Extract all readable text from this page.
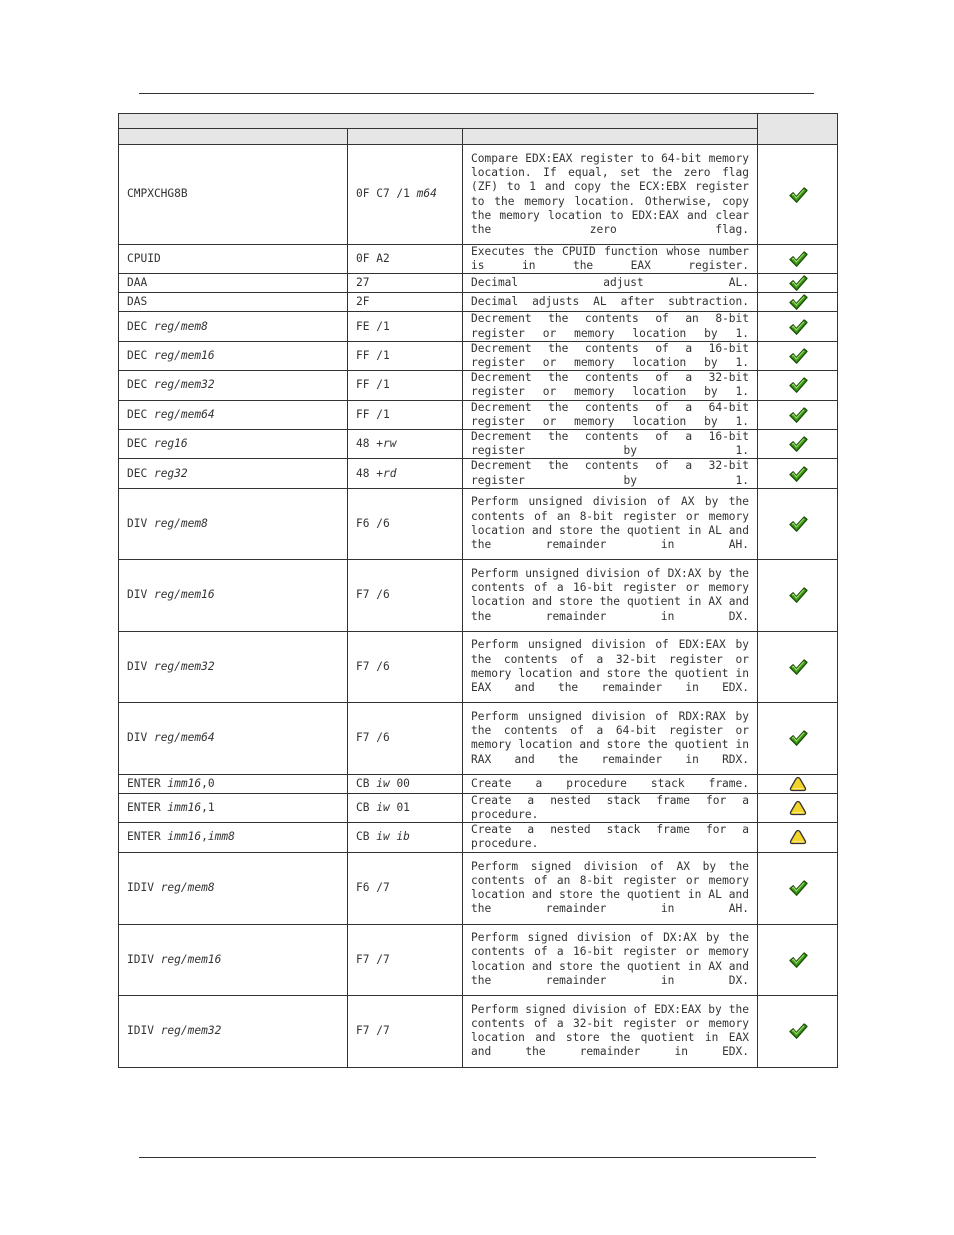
CMPXCHG8B	0F C7 /1 m64	Compare EDX:EAX register to 64-bit memory location. If equal, set the zero flag (ZF) to 1 and copy the ECX:EBX register to the memory location. Otherwise, copy the memory location to EDX:EAX and clear the zero flag.	
CPUID	0F A2	Executes the CPUID function whose number is in the EAX register.	
DAA	27	Decimal adjust AL.	
DAS	2F	Decimal adjusts AL after subtraction.	
DEC reg/mem8	FE /1	Decrement the contents of an 8-bit register or memory location by 1.	
DEC reg/mem16	FF /1	Decrement the contents of a 16-bit register or memory location by 1.	
DEC reg/mem32	FF /1	Decrement the contents of a 32-bit register or memory location by 1.	
DEC reg/mem64	FF /1	Decrement the contents of a 64-bit register or memory location by 1.	
DEC reg16	48 +rw	Decrement the contents of a 16-bit register by 1.	
DEC reg32	48 +rd	Decrement the contents of a 32-bit register by 1.	
DIV reg/mem8	F6 /6	Perform unsigned division of AX by the contents of an 8-bit register or memory location and store the quotient in AL and the remainder in AH.	
DIV reg/mem16	F7 /6	Perform unsigned division of DX:AX by the contents of a 16-bit register or memory location and store the quotient in AX and the remainder in DX.	
DIV reg/mem32	F7 /6	Perform unsigned division of EDX:EAX by the contents of a 32-bit register or memory location and store the quotient in EAX and the remainder in EDX.	
DIV reg/mem64	F7 /6	Perform unsigned division of RDX:RAX by the contents of a 64-bit register or memory location and store the quotient in RAX and the remainder in RDX.	
ENTER imm16,0	CB iw 00	Create a procedure stack frame.	
ENTER imm16,1	CB iw 01	Create a nested stack frame for a procedure.	
ENTER imm16,imm8	CB iw ib	Create a nested stack frame for a procedure.	
IDIV reg/mem8	F6 /7	Perform signed division of AX by the contents of an 8-bit register or memory location and store the quotient in AL and the remainder in AH.	
IDIV reg/mem16	F7 /7	Perform signed division of DX:AX by the contents of a 16-bit register or memory location and store the quotient in AX and the remainder in DX.	
IDIV reg/mem32	F7 /7	Perform signed division of EDX:EAX by the contents of a 32-bit register or memory location and store the quotient in EAX and the remainder in EDX.	
